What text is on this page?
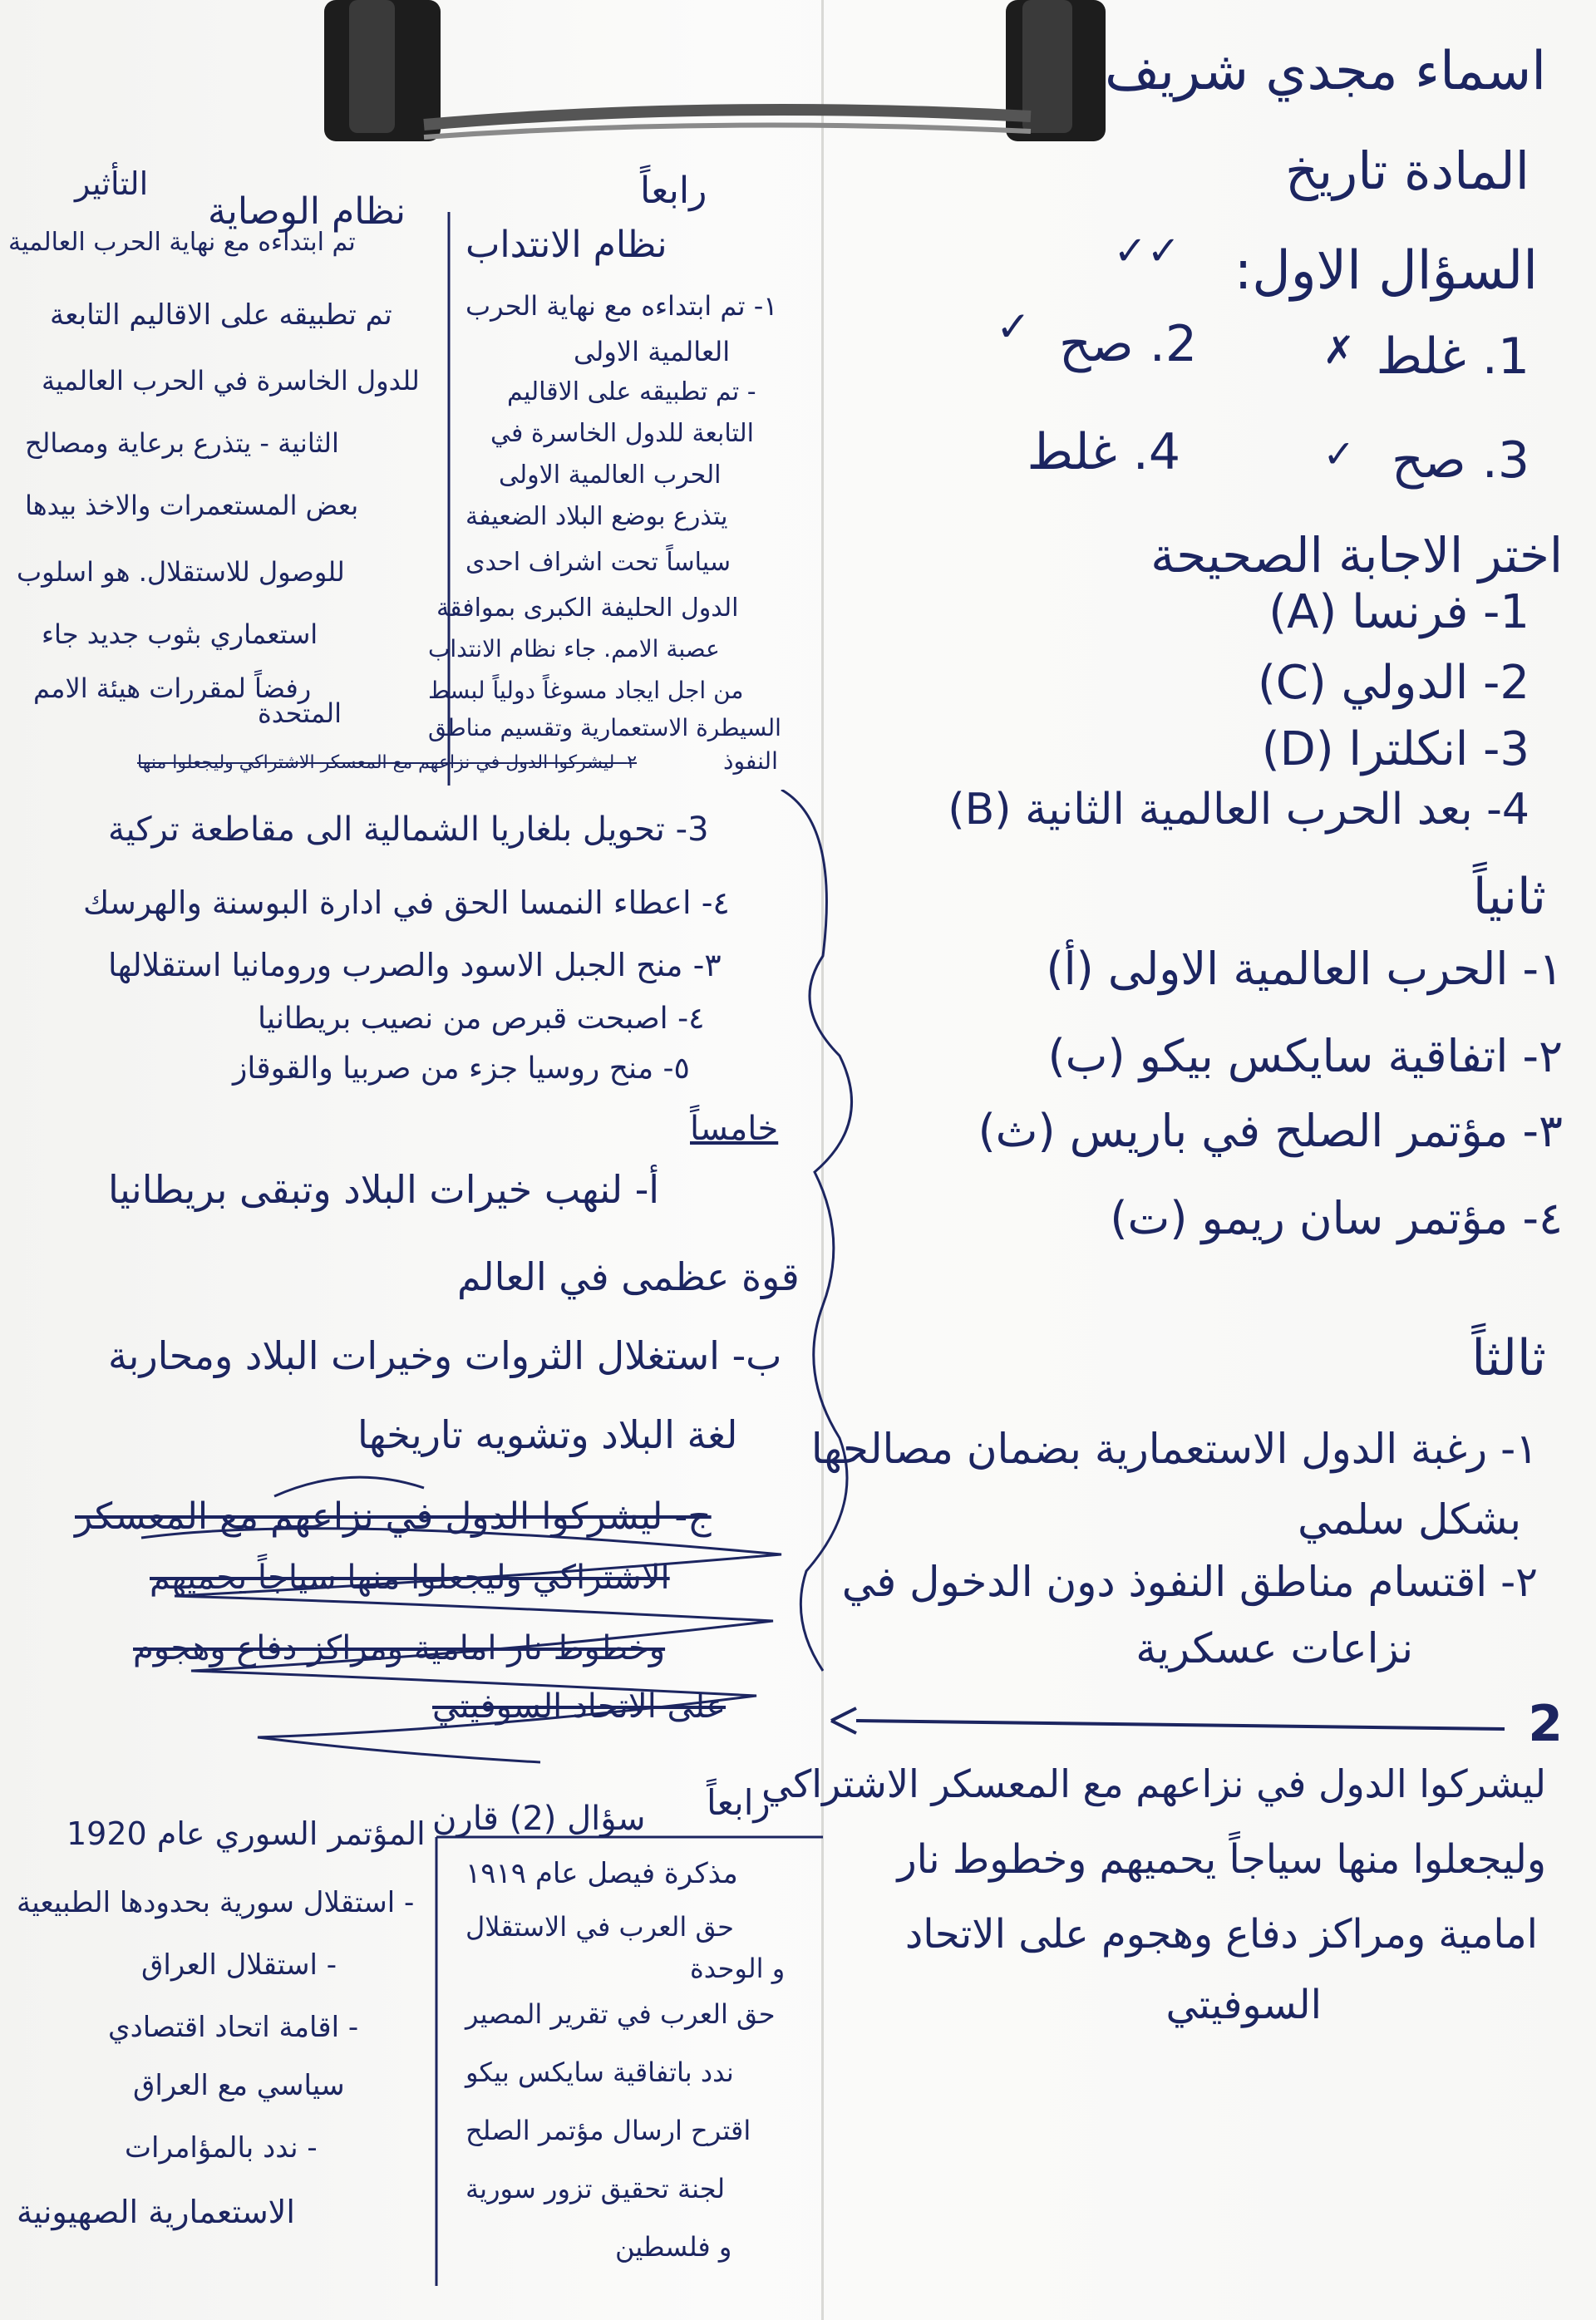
اسماء مجدي شريف
المادة تاريخ
السؤال الاول:
✓✓
1. غلط
✗
2. صح
✓
3. صح
✓
4. غلط
اختر الاجابة الصحيحة
1- فرنسا (A)
2- الدولي (C)
3- انكلترا (D)
4- بعد الحرب العالمية الثانية (B)
ثانياً
١- الحرب العالمية الاولى (أ)
٢- اتفاقية سايكس بيكو (ب)
٣- مؤتمر الصلح في باريس (ث)
٤- مؤتمر سان ريمو (ت)
ثالثاً
١- رغبة الدول الاستعمارية بضمان مصالحها
بشكل سلمي
٢- اقتسام مناطق النفوذ دون الدخول في
نزاعات عسكرية
2
ليشركوا الدول في نزاعهم مع المعسكر الاشتراكي
وليجعلوا منها سياجاً يحميهم وخطوط نار
امامية ومراكز دفاع وهجوم على الاتحاد
السوفيتي
رابعاً
نظام الانتداب
١- تم ابتداءه مع نهاية الحرب
العالمية الاولى
- تم تطبيقه على الاقاليم
التابعة للدول الخاسرة في
الحرب العالمية الاولى
يتذرع بوضع البلاد الضعيفة
سياساً تحت اشراف احدى
الدول الحليفة الكبرى بموافقة
عصبة الامم. جاء نظام الانتداب
من اجل ايجاد مسوغاً دولياً لبسط
السيطرة الاستعمارية وتقسيم مناطق
النفوذ
التأثير
نظام الوصاية
تم ابتداءه مع نهاية الحرب العالمية
تم تطبيقه على الاقاليم التابعة
للدول الخاسرة في الحرب العالمية
الثانية - يتذرع برعاية ومصالح
بعض المستعمرات والاخذ بيدها
للوصول للاستقلال. هو اسلوب
استعماري بثوب جديد جاء
رفضاً لمقررات هيئة الامم
المتحدة
٢- ليشركوا الدول في نزاعهم مع المعسكر الاشتراكي وليجعلوا منها
3- تحويل بلغاريا الشمالية الى مقاطعة تركية
٤- اعطاء النمسا الحق في ادارة البوسنة والهرسك
٣- منح الجبل الاسود والصرب ورومانيا استقلالها
٤- اصبحت قبرص من نصيب بريطانيا
٥- منح روسيا جزء من صربيا والقوقاز
خامساً
أ- لنهب خيرات البلاد وتبقى بريطانيا
قوة عظمى في العالم
ب- استغلال الثروات وخيرات البلاد ومحاربة
لغة البلاد وتشويه تاريخها
ج- ليشركوا الدول في نزاعهم مع المعسكر
الاشتراكي وليجعلوا منها سياجاً يحميهم
وخطوط نار امامية ومراكز دفاع وهجوم
على الاتحاد السوفيتي
رابعاً
سؤال (2) قارن
مذكرة فيصل عام ١٩١٩
حق العرب في الاستقلال
و الوحدة
حق العرب في تقرير المصير
ندد باتفاقية سايكس بيكو
اقترح ارسال مؤتمر الصلح
لجنة تحقيق تزور سورية
و فلسطين
المؤتمر السوري عام 1920
- استقلال سورية بحدودها الطبيعية
- استقلال العراق
- اقامة اتحاد اقتصادي
سياسي مع العراق
- ندد بالمؤامرات
الاستعمارية الصهيونية
